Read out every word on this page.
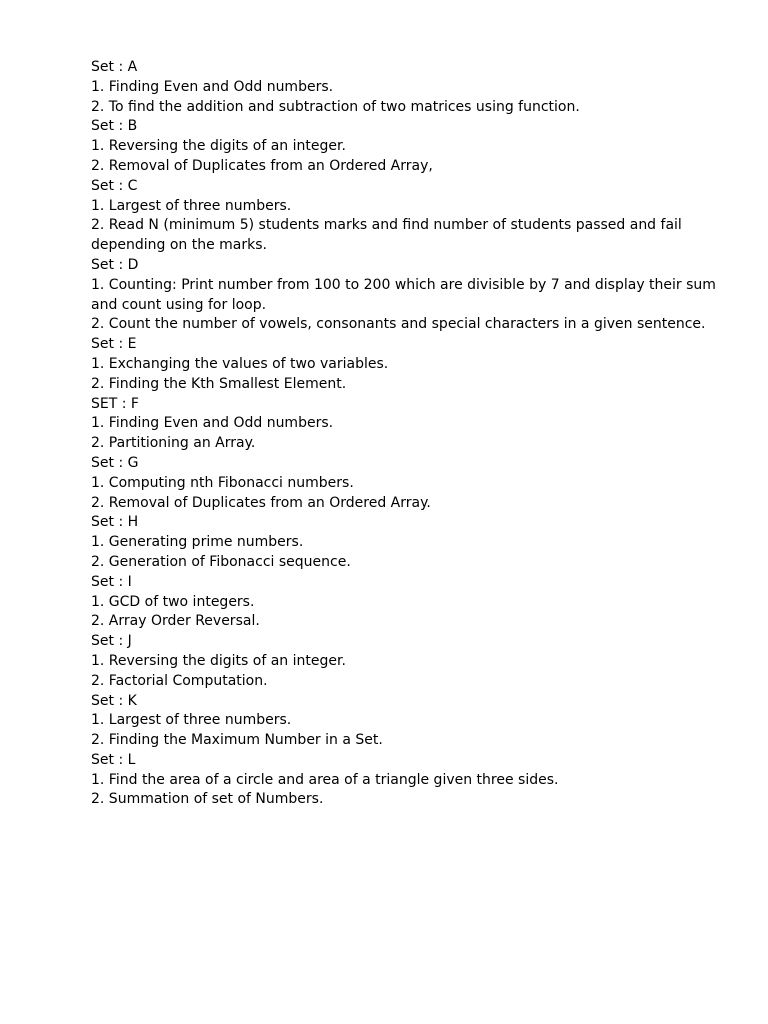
Set : A
1. Finding Even and Odd numbers.
2. To find the addition and subtraction of two matrices using function.
Set : B
1. Reversing the digits of an integer.
2. Removal of Duplicates from an Ordered Array,
Set : C
1. Largest of three numbers.
2. Read N (minimum 5) students marks and find number of students passed and fail depending on the marks.
Set : D
1. Counting: Print number from 100 to 200 which are divisible by 7 and display their sum and count using for loop.
2. Count the number of vowels, consonants and special characters in a given sentence.
Set : E
1. Exchanging the values of two variables.
2. Finding the Kth Smallest Element.
SET : F
1. Finding Even and Odd numbers.
2. Partitioning an Array.
Set : G
1. Computing nth Fibonacci numbers.
2. Removal of Duplicates from an Ordered Array.
Set : H
1. Generating prime numbers.
2. Generation of Fibonacci sequence.
Set : I
1. GCD of two integers.
2. Array Order Reversal.
Set : J
1. Reversing the digits of an integer.
2. Factorial Computation.
Set : K
1. Largest of three numbers.
2. Finding the Maximum Number in a Set.
Set : L
1. Find the area of a circle and area of a triangle given three sides.
2. Summation of set of Numbers.
